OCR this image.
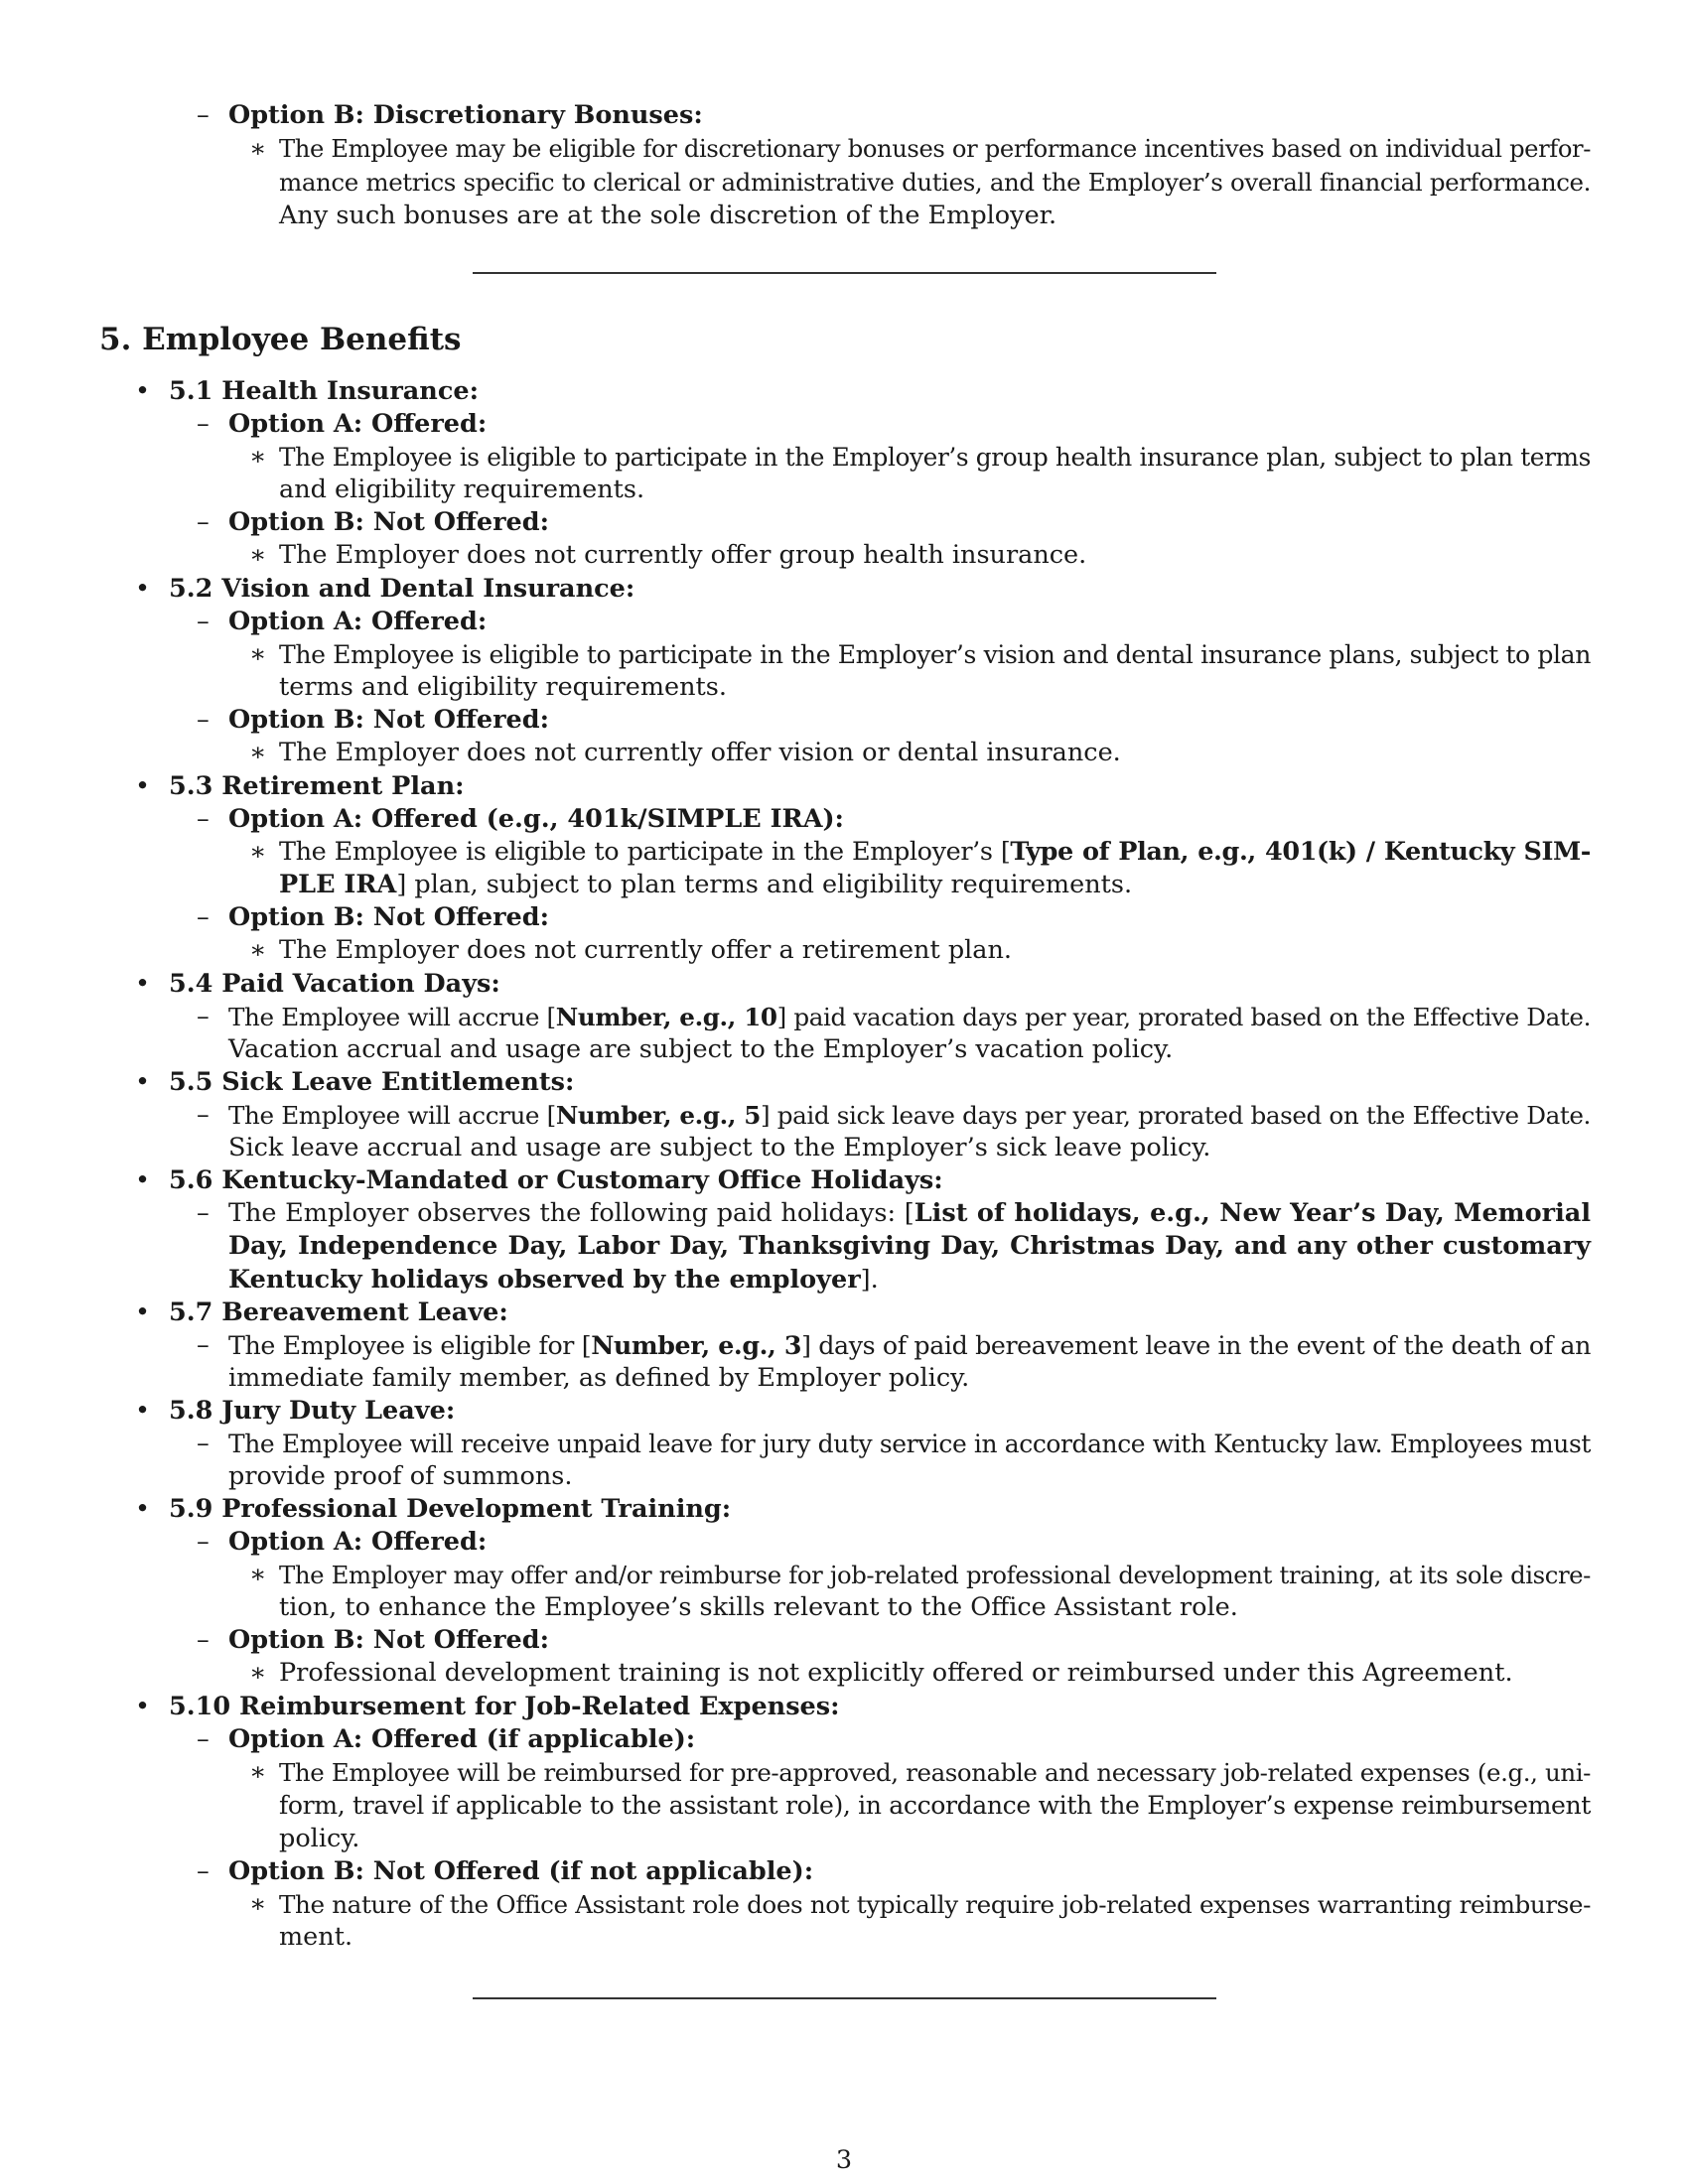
– Option B: Discretionary Bonuses:
∗ The Employee may be eligible for discretionary bonuses or performance incentives based on individual perfor-
mance metrics specific to clerical or administrative duties, and the Employer’s overall financial performance.
Any such bonuses are at the sole discretion of the Employer.
5. Employee Benefits
• 5.1 Health Insurance:
– Option A: Offered:
∗ The Employee is eligible to participate in the Employer’s group health insurance plan, subject to plan terms
and eligibility requirements.
– Option B: Not Offered:
∗ The Employer does not currently offer group health insurance.
• 5.2 Vision and Dental Insurance:
– Option A: Offered:
∗ The Employee is eligible to participate in the Employer’s vision and dental insurance plans, subject to plan
terms and eligibility requirements.
– Option B: Not Offered:
∗ The Employer does not currently offer vision or dental insurance.
• 5.3 Retirement Plan:
– Option A: Offered (e.g., 401k/SIMPLE IRA):
∗ The Employee is eligible to participate in the Employer’s [Type of Plan, e.g., 401(k) / Kentucky SIM-
PLE IRA] plan, subject to plan terms and eligibility requirements.
– Option B: Not Offered:
∗ The Employer does not currently offer a retirement plan.
• 5.4 Paid Vacation Days:
– The Employee will accrue [Number, e.g., 10] paid vacation days per year, prorated based on the Effective Date.
Vacation accrual and usage are subject to the Employer’s vacation policy.
• 5.5 Sick Leave Entitlements:
– The Employee will accrue [Number, e.g., 5] paid sick leave days per year, prorated based on the Effective Date.
Sick leave accrual and usage are subject to the Employer’s sick leave policy.
• 5.6 Kentucky-Mandated or Customary Office Holidays:
– The Employer observes the following paid holidays: [List of holidays, e.g., New Year’s Day, Memorial
Day, Independence Day, Labor Day, Thanksgiving Day, Christmas Day, and any other customary
Kentucky holidays observed by the employer].
• 5.7 Bereavement Leave:
– The Employee is eligible for [Number, e.g., 3] days of paid bereavement leave in the event of the death of an
immediate family member, as defined by Employer policy.
• 5.8 Jury Duty Leave:
– The Employee will receive unpaid leave for jury duty service in accordance with Kentucky law. Employees must
provide proof of summons.
• 5.9 Professional Development Training:
– Option A: Offered:
∗ The Employer may offer and/or reimburse for job-related professional development training, at its sole discre-
tion, to enhance the Employee’s skills relevant to the Office Assistant role.
– Option B: Not Offered:
∗ Professional development training is not explicitly offered or reimbursed under this Agreement.
• 5.10 Reimbursement for Job-Related Expenses:
– Option A: Offered (if applicable):
∗ The Employee will be reimbursed for pre-approved, reasonable and necessary job-related expenses (e.g., uni-
form, travel if applicable to the assistant role), in accordance with the Employer’s expense reimbursement
policy.
– Option B: Not Offered (if not applicable):
∗ The nature of the Office Assistant role does not typically require job-related expenses warranting reimburse-
ment.
3
